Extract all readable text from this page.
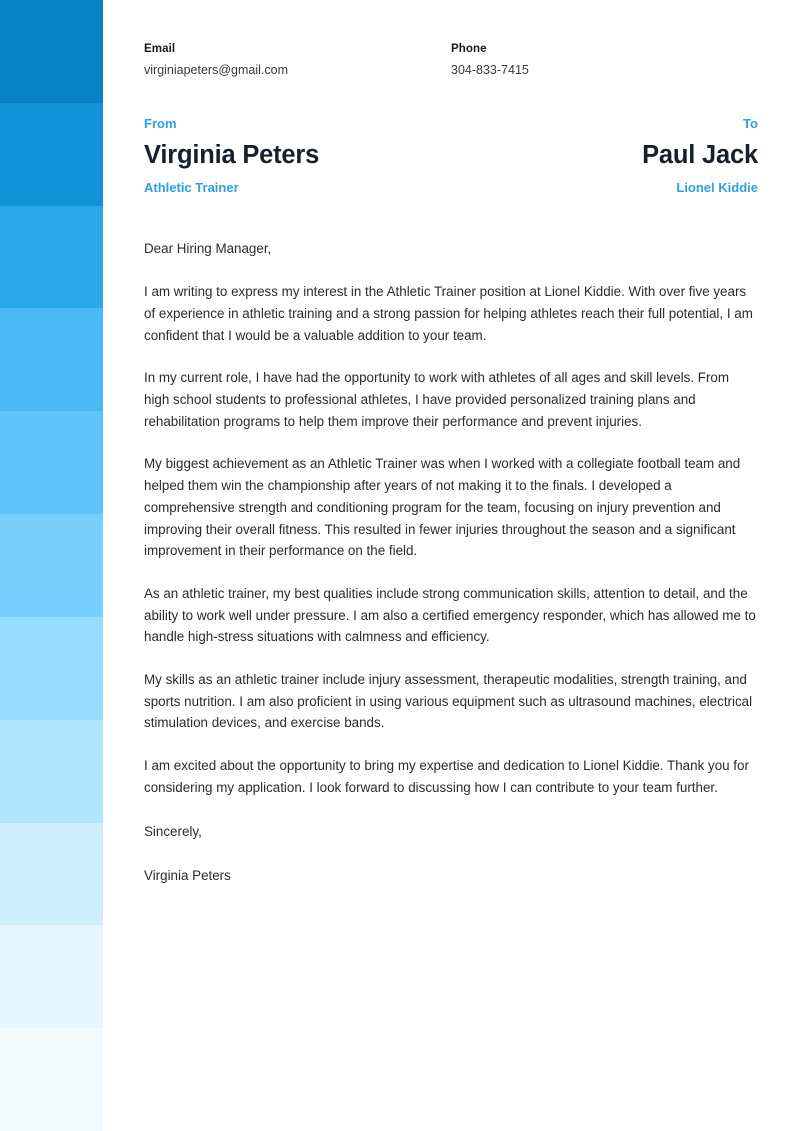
Email
virginiapeters@gmail.com
Phone
304-833-7415
From
Virginia Peters
Athletic Trainer
To
Paul Jack
Lionel Kiddie
Dear Hiring Manager,
I am writing to express my interest in the Athletic Trainer position at Lionel Kiddie. With over five years of experience in athletic training and a strong passion for helping athletes reach their full potential, I am confident that I would be a valuable addition to your team.
In my current role, I have had the opportunity to work with athletes of all ages and skill levels. From high school students to professional athletes, I have provided personalized training plans and rehabilitation programs to help them improve their performance and prevent injuries.
My biggest achievement as an Athletic Trainer was when I worked with a collegiate football team and helped them win the championship after years of not making it to the finals. I developed a comprehensive strength and conditioning program for the team, focusing on injury prevention and improving their overall fitness. This resulted in fewer injuries throughout the season and a significant improvement in their performance on the field.
As an athletic trainer, my best qualities include strong communication skills, attention to detail, and the ability to work well under pressure. I am also a certified emergency responder, which has allowed me to handle high-stress situations with calmness and efficiency.
My skills as an athletic trainer include injury assessment, therapeutic modalities, strength training, and sports nutrition. I am also proficient in using various equipment such as ultrasound machines, electrical stimulation devices, and exercise bands.
I am excited about the opportunity to bring my expertise and dedication to Lionel Kiddie. Thank you for considering my application. I look forward to discussing how I can contribute to your team further.
Sincerely,
Virginia Peters
